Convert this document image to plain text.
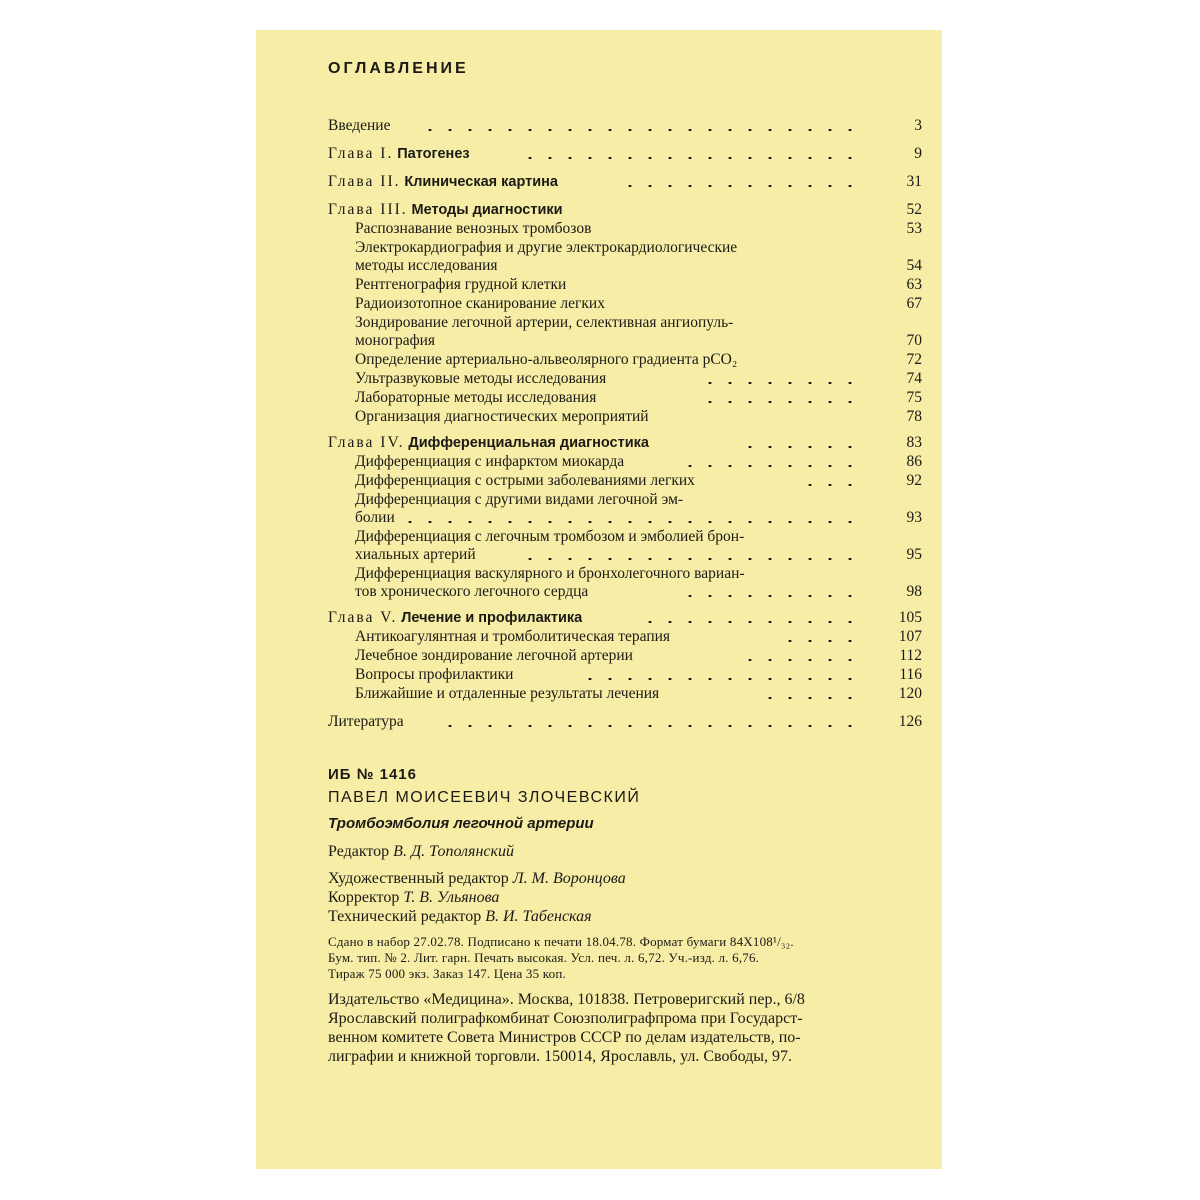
ОГЛАВЛЕНИЕ
Введение	3
Глава I. Патогенез	9
Глава II. Клиническая картина	31
Глава III. Методы диагностики	52
Распознавание венозных тромбозов	53
Электрокардиография и другие электрокардиологические
методы исследования	54
Рентгенография грудной клетки	63
Радиоизотопное сканирование легких	67
Зондирование легочной артерии, селективная ангиопуль-
монография	70
Определение артериально-альвеолярного градиента pCO₂	72
Ультразвуковые методы исследования	74
Лабораторные методы исследования	75
Организация диагностических мероприятий	78
Глава IV. Дифференциальная диагностика	83
Дифференциация с инфарктом миокарда	86
Дифференциация с острыми заболеваниями легких	92
Дифференциация с другими видами легочной эм-
болии	93
Дифференциация с легочным тромбозом и эмболией брон-
хиальных артерий	95
Дифференциация васкулярного и бронхолегочного вариан-
тов хронического легочного сердца	98
Глава V. Лечение и профилактика	105
Антикоагулянтная и тромболитическая терапия	107
Лечебное зондирование легочной артерии	112
Вопросы профилактики	116
Ближайшие и отдаленные результаты лечения	120
Литература	126

ИБ № 1416

ПАВЕЛ МОИСЕЕВИЧ ЗЛОЧЕВСКИЙ

Тромбоэмболия легочной артерии

Редактор В. Д. Тополянский

Художественный редактор Л. М. Воронцова

Корректор Т. В. Ульянова

Технический редактор В. И. Табенская

Сдано в набор 27.02.78. Подписано к печати 18.04.78. Формат бумаги 84X108¹/₃₂.

Бум. тип. № 2. Лит. гарн. Печать высокая. Усл. печ. л. 6,72. Уч.-изд. л. 6,76.

Тираж 75 000 экз. Заказ 147. Цена 35 коп.

Издательство «Медицина». Москва, 101838. Петроверигский пер., 6/8

Ярославский полиграфкомбинат Союзполиграфпрома при Государст-

венном комитете Совета Министров СССР по делам издательств, по-

лиграфии и книжной торговли. 150014, Ярославль, ул. Свободы, 97.
